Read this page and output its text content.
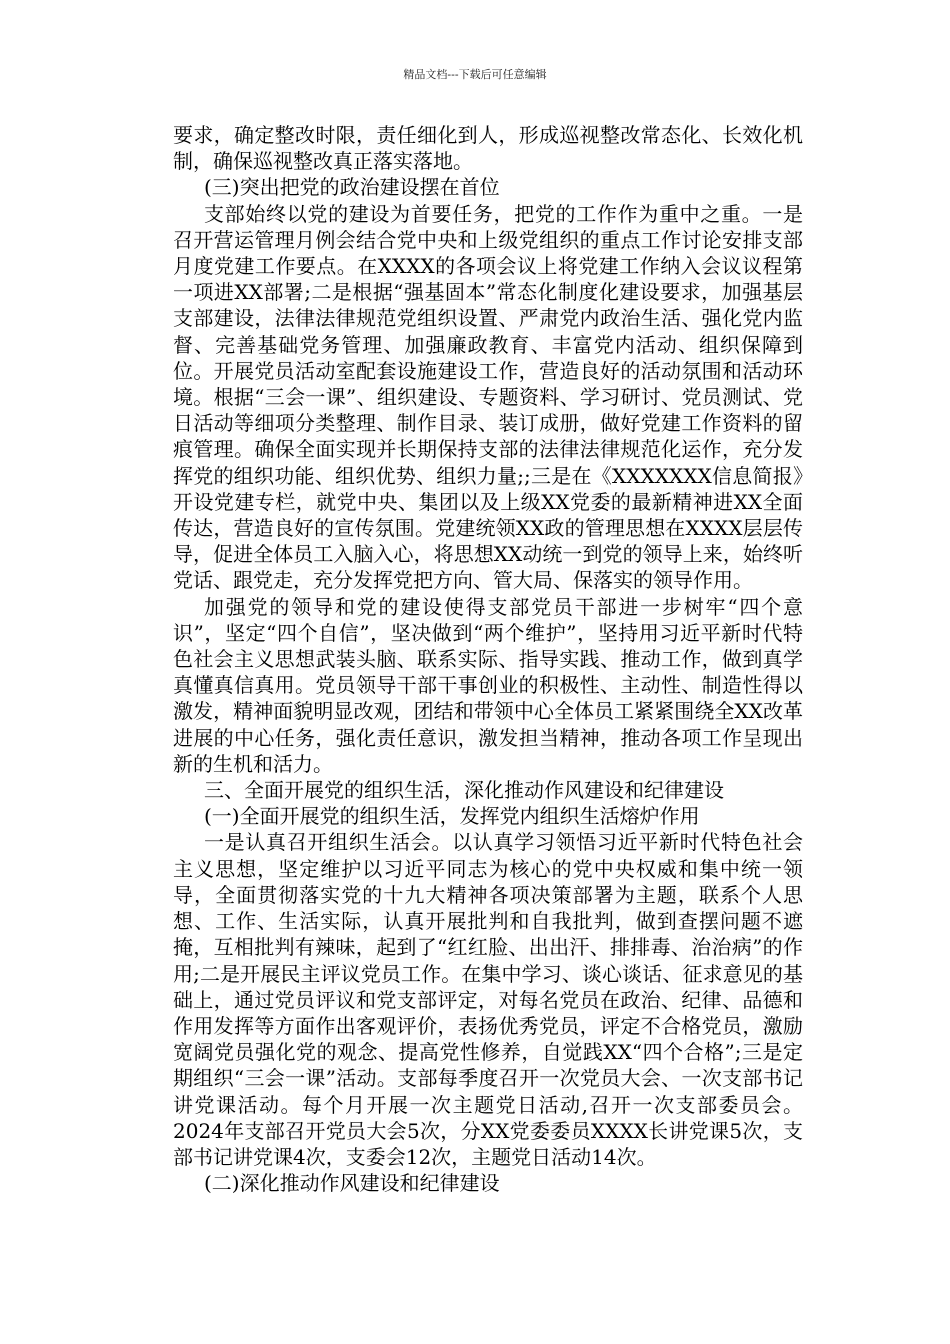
精品文档---下载后可任意编辑

要求，确定整改时限，责任细化到人，形成巡视整改常态化、长效化机制，确保巡视整改真正落实落地。

(三)突出把党的政治建设摆在首位

支部始终以党的建设为首要任务，把党的工作作为重中之重。一是召开营运管理月例会结合党中央和上级党组织的重点工作讨论安排支部月度党建工作要点。在XXXX的各项会议上将党建工作纳入会议议程第一项进XX部署;二是根据“强基固本”常态化制度化建设要求，加强基层支部建设，法律法律规范党组织设置、严肃党内政治生活、强化党内监督、完善基础党务管理、加强廉政教育、丰富党内活动、组织保障到位。开展党员活动室配套设施建设工作，营造良好的活动氛围和活动环境。根据“三会一课”、组织建设、专题资料、学习研讨、党员测试、党日活动等细项分类整理、制作目录、装订成册，做好党建工作资料的留痕管理。确保全面实现并长期保持支部的法律法律规范化运作，充分发挥党的组织功能、组织优势、组织力量;;三是在《XXXXXXX信息简报》开设党建专栏，就党中央、集团以及上级XX党委的最新精神进XX全面传达，营造良好的宣传氛围。党建统领XX政的管理思想在XXXX层层传导，促进全体员工入脑入心，将思想XX动统一到党的领导上来，始终听党话、跟党走，充分发挥党把方向、管大局、保落实的领导作用。

加强党的领导和党的建设使得支部党员干部进一步树牢“四个意识”，坚定“四个自信”，坚决做到“两个维护”，坚持用习近平新时代特色社会主义思想武装头脑、联系实际、指导实践、推动工作，做到真学真懂真信真用。党员领导干部干事创业的积极性、主动性、制造性得以激发，精神面貌明显改观，团结和带领中心全体员工紧紧围绕全XX改革进展的中心任务，强化责任意识，激发担当精神，推动各项工作呈现出新的生机和活力。

三、全面开展党的组织生活，深化推动作风建设和纪律建设

(一)全面开展党的组织生活，发挥党内组织生活熔炉作用

一是认真召开组织生活会。以认真学习领悟习近平新时代特色社会主义思想，坚定维护以习近平同志为核心的党中央权威和集中统一领导，全面贯彻落实党的十九大精神各项决策部署为主题，联系个人思想、工作、生活实际，认真开展批判和自我批判，做到查摆问题不遮掩，互相批判有辣味，起到了“红红脸、出出汗、排排毒、治治病”的作用;二是开展民主评议党员工作。在集中学习、谈心谈话、征求意见的基础上，通过党员评议和党支部评定，对每名党员在政治、纪律、品德和作用发挥等方面作出客观评价，表扬优秀党员，评定不合格党员，激励宽阔党员强化党的观念、提高党性修养，自觉践XX“四个合格”;三是定期组织“三会一课”活动。支部每季度召开一次党员大会、一次支部书记讲党课活动。每个月开展一次主题党日活动,召开一次支部委员会。2024年支部召开党员大会5次，分XX党委委员XXXX长讲党课5次，支部书记讲党课4次，支委会12次，主题党日活动14次。

(二)深化推动作风建设和纪律建设
